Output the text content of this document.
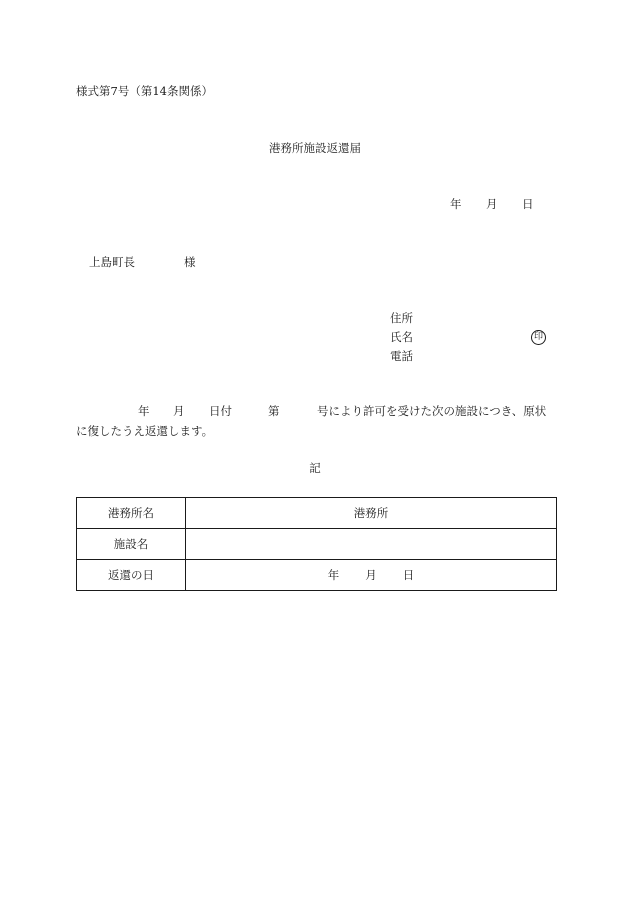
様式第7号（第14条関係）
港務所施設返還届
年 月 日
上島町長	様
住所
氏名	印
電話
年 月 日付	第	号により許可を受けた次の施設につき、原状
に復したうえ返還します。
記
港務所名	港務所
施設名	
返還の日	年 月 日
